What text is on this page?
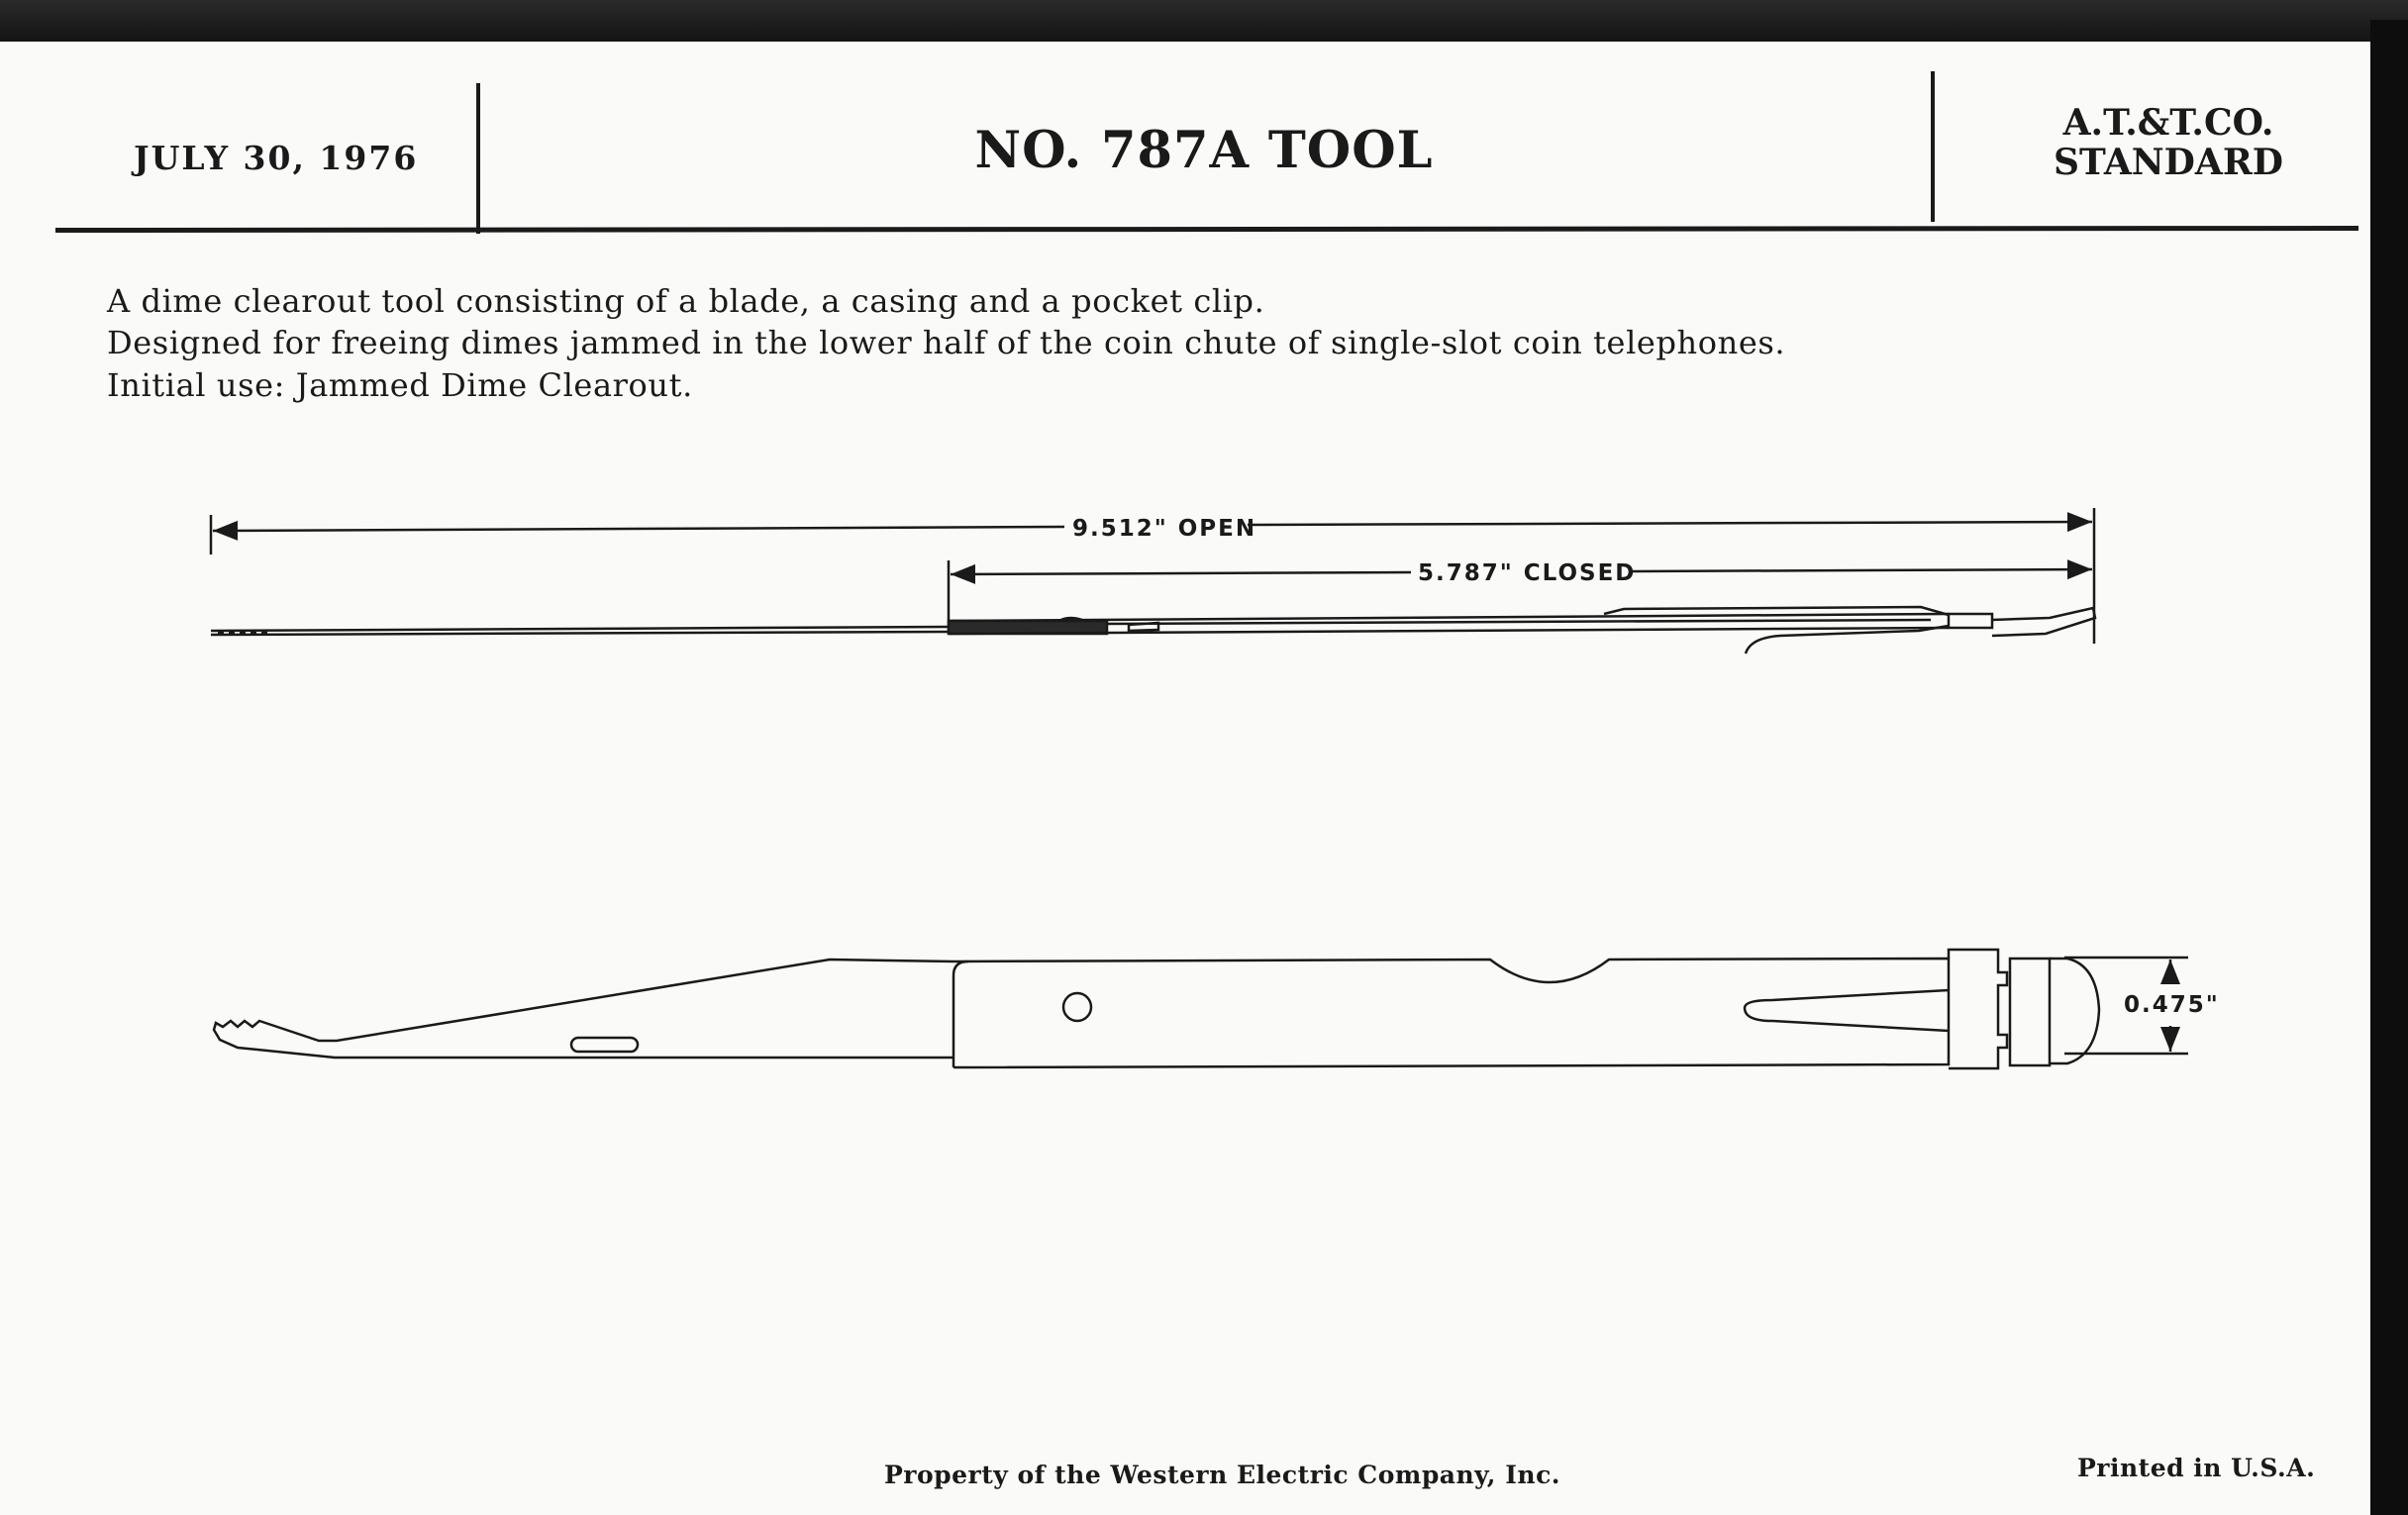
JULY 30, 1976	NO. 787A TOOL	A.T.&T.CO.
STANDARD
A dime clearout tool consisting of a blade, a casing and a pocket clip.
Designed for freeing dimes jammed in the lower half of the coin chute of single-slot coin telephones.
Initial use: Jammed Dime Clearout.
9.512" OPEN
5.787" CLOSED
0.475"
Property of the Western Electric Company, Inc.	Printed in U.S.A.
